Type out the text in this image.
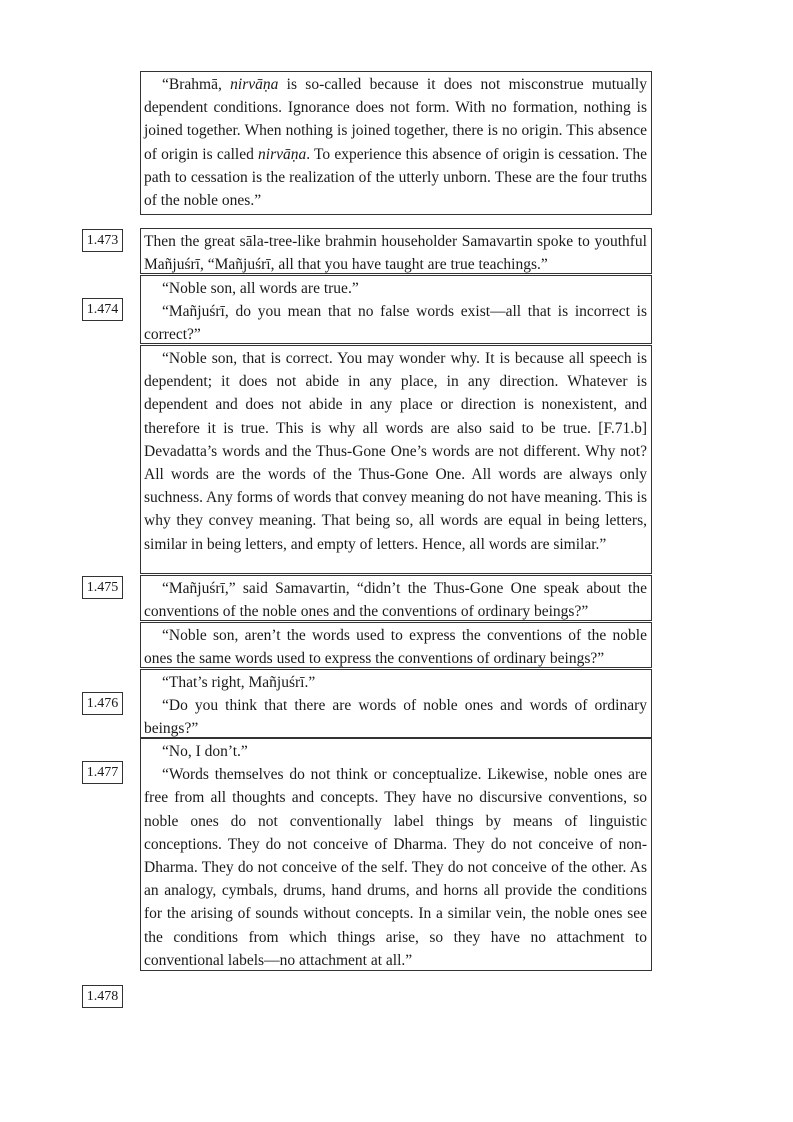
“Brahmā, nirvāṇa is so-called because it does not misconstrue mutually dependent conditions. Ignorance does not form. With no formation, nothing is joined together. When nothing is joined together, there is no origin. This absence of origin is called nirvāṇa. To experience this absence of origin is cessation. The path to cessation is the realization of the utterly unborn. These are the four truths of the noble ones.”

1.473	Then the great sāla-tree-like brahmin householder Samavartin spoke to youthful Mañjuśrī, “Mañjuśrī, all that you have taught are true teachings.”

1.474

“Noble son, all words are true.”

“Mañjuśrī, do you mean that no false words exist—all that is incorrect is correct?”

“Noble son, that is correct. You may wonder why. It is because all speech is dependent; it does not abide in any place, in any direction. Whatever is dependent and does not abide in any place or direction is nonexistent, and therefore it is true. This is why all words are also said to be true. [F.71.b] Devadatta’s words and the Thus-Gone One’s words are not different. Why not? All words are the words of the Thus-Gone One. All words are always only suchness. Any forms of words that convey meaning do not have meaning. This is why they convey meaning. That being so, all words are equal in being letters, similar in being letters, and empty of letters. Hence, all words are similar.”

1.475	“Mañjuśrī,” said Samavartin, “didn’t the Thus-Gone One speak about the conventions of the noble ones and the conventions of ordinary beings?”

“Noble son, aren’t the words used to express the conventions of the noble ones the same words used to express the conventions of ordinary beings?”

1.476

“That’s right, Mañjuśrī.”

“Do you think that there are words of noble ones and words of ordinary beings?”

1.477

“No, I don’t.”

“Words themselves do not think or conceptualize. Likewise, noble ones are free from all thoughts and concepts. They have no discursive conventions, so noble ones do not conventionally label things by means of linguistic conceptions. They do not conceive of Dharma. They do not conceive of non-Dharma. They do not conceive of the self. They do not conceive of the other. As an analogy, cymbals, drums, hand drums, and horns all provide the conditions for the arising of sounds without concepts. In a similar vein, the noble ones see the conditions from which things arise, so they have no attachment to conventional labels—no attachment at all.”

1.478
